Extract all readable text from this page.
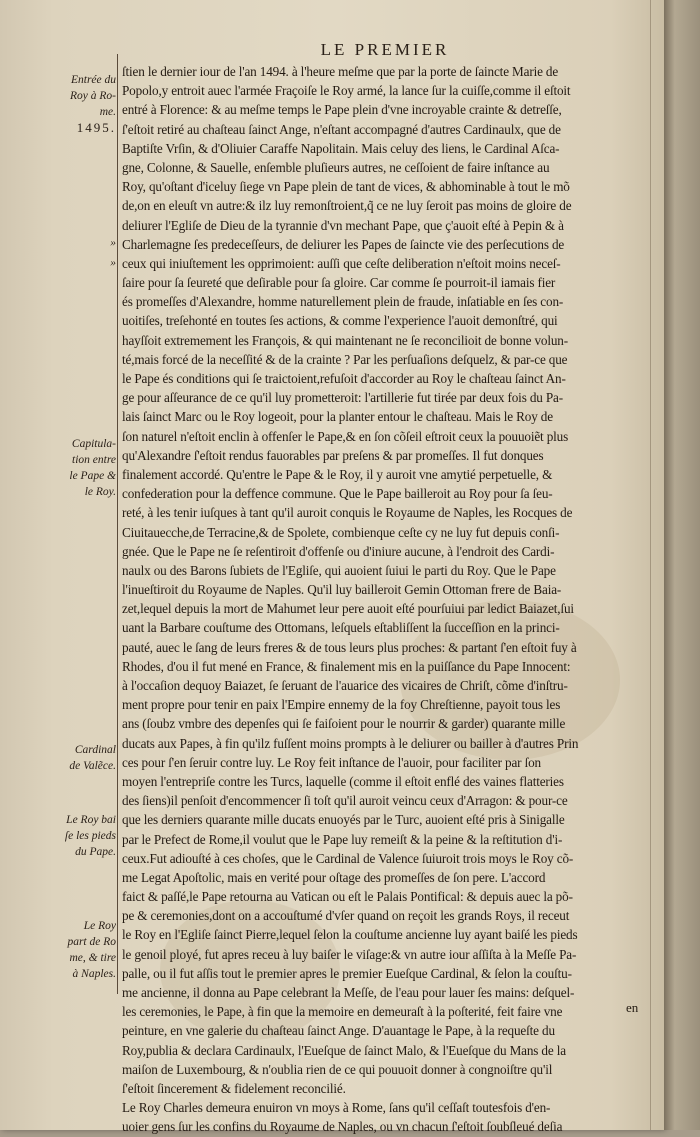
LE PREMIER
Entrée du
Roy à Ro-
me.
1495.
»
»
Capitula-
tion entre
le Pape &
le Roy.
Cardinal
de Valẽce.
Le Roy bai
ſe les pieds
du Pape.
Le Roy
part de Ro
me, & tire
à Naples.
ſtien le dernier iour de l'an 1494. à l'heure meſme que par la porte de ſaincte Marie de
Popolo,y entroit auec l'armée Fraçoiſe le Roy armé, la lance ſur la cuiſſe,comme il eſtoit
entré à Florence: & au meſme temps le Pape plein d'vne incroyable crainte & detreſſe,
ſ'eſtoit retiré au chaſteau ſainct Ange, n'eſtant accompagné d'autres Cardinaulx, que de
Baptiſte Vrſin, & d'Oliuier Caraffe Napolitain. Mais celuy des liens, le Cardinal Aſca-
gne, Colonne, & Sauelle, enſemble pluſieurs autres, ne ceſſoient de faire inſtance au
Roy, qu'oſtant d'iceluy ſiege vn Pape plein de tant de vices, & abhominable à tout le mõ
de,on en eleuſt vn autre:& ilz luy remonſtroient,q̃ ce ne luy ſeroit pas moins de gloire de
deliurer l'Egliſe de Dieu de la tyrannie d'vn mechant Pape, que ç'auoit eſté à Pepin & à
Charlemagne ſes predeceſſeurs, de deliurer les Papes de ſaincte vie des perſecutions de
ceux qui iniuſtement les opprimoient: auſſi que ceſte deliberation n'eſtoit moins neceſ-
ſaire pour ſa ſeureté que deſirable pour ſa gloire. Car comme ſe pourroit-il iamais fier
és promeſſes d'Alexandre, homme naturellement plein de fraude, inſatiable en ſes con-
uoitiſes, treſehonté en toutes ſes actions, & comme l'experience l'auoit demonſtré, qui
hayſſoit extremement les François, & qui maintenant ne ſe reconcilioit de bonne volun-
té,mais forcé de la neceſſité & de la crainte ? Par les perſuaſions deſquelz, & par-ce que
le Pape és conditions qui ſe traictoient,refuſoit d'accorder au Roy le chaſteau ſainct An-
ge pour aſſeurance de ce qu'il luy prometteroit: l'artillerie fut tirée par deux fois du Pa-
lais ſainct Marc ou le Roy logeoit, pour la planter entour le chaſteau. Mais le Roy de
ſon naturel n'eſtoit enclin à offenſer le Pape,& en ſon cõſeil eſtroit ceux la pouuoiẽt plus
qu'Alexandre ſ'eſtoit rendus fauorables par preſens & par promeſſes. Il fut donques
finalement accordé. Qu'entre le Pape & le Roy, il y auroit vne amytié perpetuelle, &
confederation pour la deffence commune. Que le Pape bailleroit au Roy pour ſa ſeu-
reté, à les tenir iuſques à tant qu'il auroit conquis le Royaume de Naples, les Rocques de
Ciuitauecche,de Terracine,& de Spolete, combienque ceſte cy ne luy fut depuis conſi-
gnée. Que le Pape ne ſe reſentiroit d'offenſe ou d'iniure aucune, à l'endroit des Cardi-
naulx ou des Barons ſubiets de l'Egliſe, qui auoient ſuiui le parti du Roy. Que le Pape
l'inueſtiroit du Royaume de Naples. Qu'il luy bailleroit Gemin Ottoman frere de Baia-
zet,lequel depuis la mort de Mahumet leur pere auoit eſté pourſuiui par ledict Baiazet,ſui
uant la Barbare couſtume des Ottomans, leſquels eſtabliſſent la ſucceſſion en la princi-
pauté, auec le ſang de leurs freres & de tous leurs plus proches: & partant ſ'en eſtoit fuy à
Rhodes, d'ou il fut mené en France, & finalement mis en la puiſſance du Pape Innocent:
à l'occaſion dequoy Baiazet, ſe ſeruant de l'auarice des vicaires de Chriſt, cõme d'inſtru-
ment propre pour tenir en paix l'Empire ennemy de la foy Chreſtienne, payoit tous les
ans (ſoubz vmbre des depenſes qui ſe faiſoient pour le nourrir & garder) quarante mille
ducats aux Papes, à fin qu'ilz fuſſent moins prompts à le deliurer ou bailler à d'autres Prin
ces pour ſ'en ſeruir contre luy. Le Roy feit inſtance de l'auoir, pour faciliter par ſon
moyen l'entrepriſe contre les Turcs, laquelle (comme il eſtoit enflé des vaines flatteries
des ſiens)il penſoit d'encommencer ſi toſt qu'il auroit veincu ceux d'Arragon: & pour-ce
que les derniers quarante mille ducats enuoyés par le Turc, auoient eſté pris à Sinigalle
par le Prefect de Rome,il voulut que le Pape luy remeiſt & la peine & la reſtitution d'i-
ceux.Fut adiouſté à ces choſes, que le Cardinal de Valence ſuiuroit trois moys le Roy cõ-
me Legat Apoſtolic, mais en verité pour oſtage des promeſſes de ſon pere. L'accord
faict & paſſé,le Pape retourna au Vatican ou eſt le Palais Pontifical: & depuis auec la põ-
pe & ceremonies,dont on a accouſtumé d'vſer quand on reçoit les grands Roys, il receut
le Roy en l'Egliſe ſainct Pierre,lequel ſelon la couſtume ancienne luy ayant baiſé les pieds
le genoil ployé, fut apres receu à luy baiſer le viſage:& vn autre iour aſſiſta à la Meſſe Pa-
palle, ou il fut aſſis tout le premier apres le premier Eueſque Cardinal, & ſelon la couſtu-
me ancienne, il donna au Pape celebrant la Meſſe, de l'eau pour lauer ſes mains: deſquel-
les ceremonies, le Pape, à fin que la memoire en demeuraſt à la poſterité, feit faire vne
peinture, en vne galerie du chaſteau ſainct Ange. D'auantage le Pape, à la requeſte du
Roy,publia & declara Cardinaulx, l'Eueſque de ſainct Malo, & l'Eueſque du Mans de la
maiſon de Luxembourg, & n'oublia rien de ce qui pouuoit donner à congnoiſtre qu'il
ſ'eſtoit ſincerement & fidelement reconcilié.
Le Roy Charles demeura enuiron vn moys à Rome, ſans qu'il ceſſaſt toutesfois d'en-
uoier gens ſur les confins du Royaume de Naples, ou vn chacun ſ'eſtoit ſoubſleué deſia
en
